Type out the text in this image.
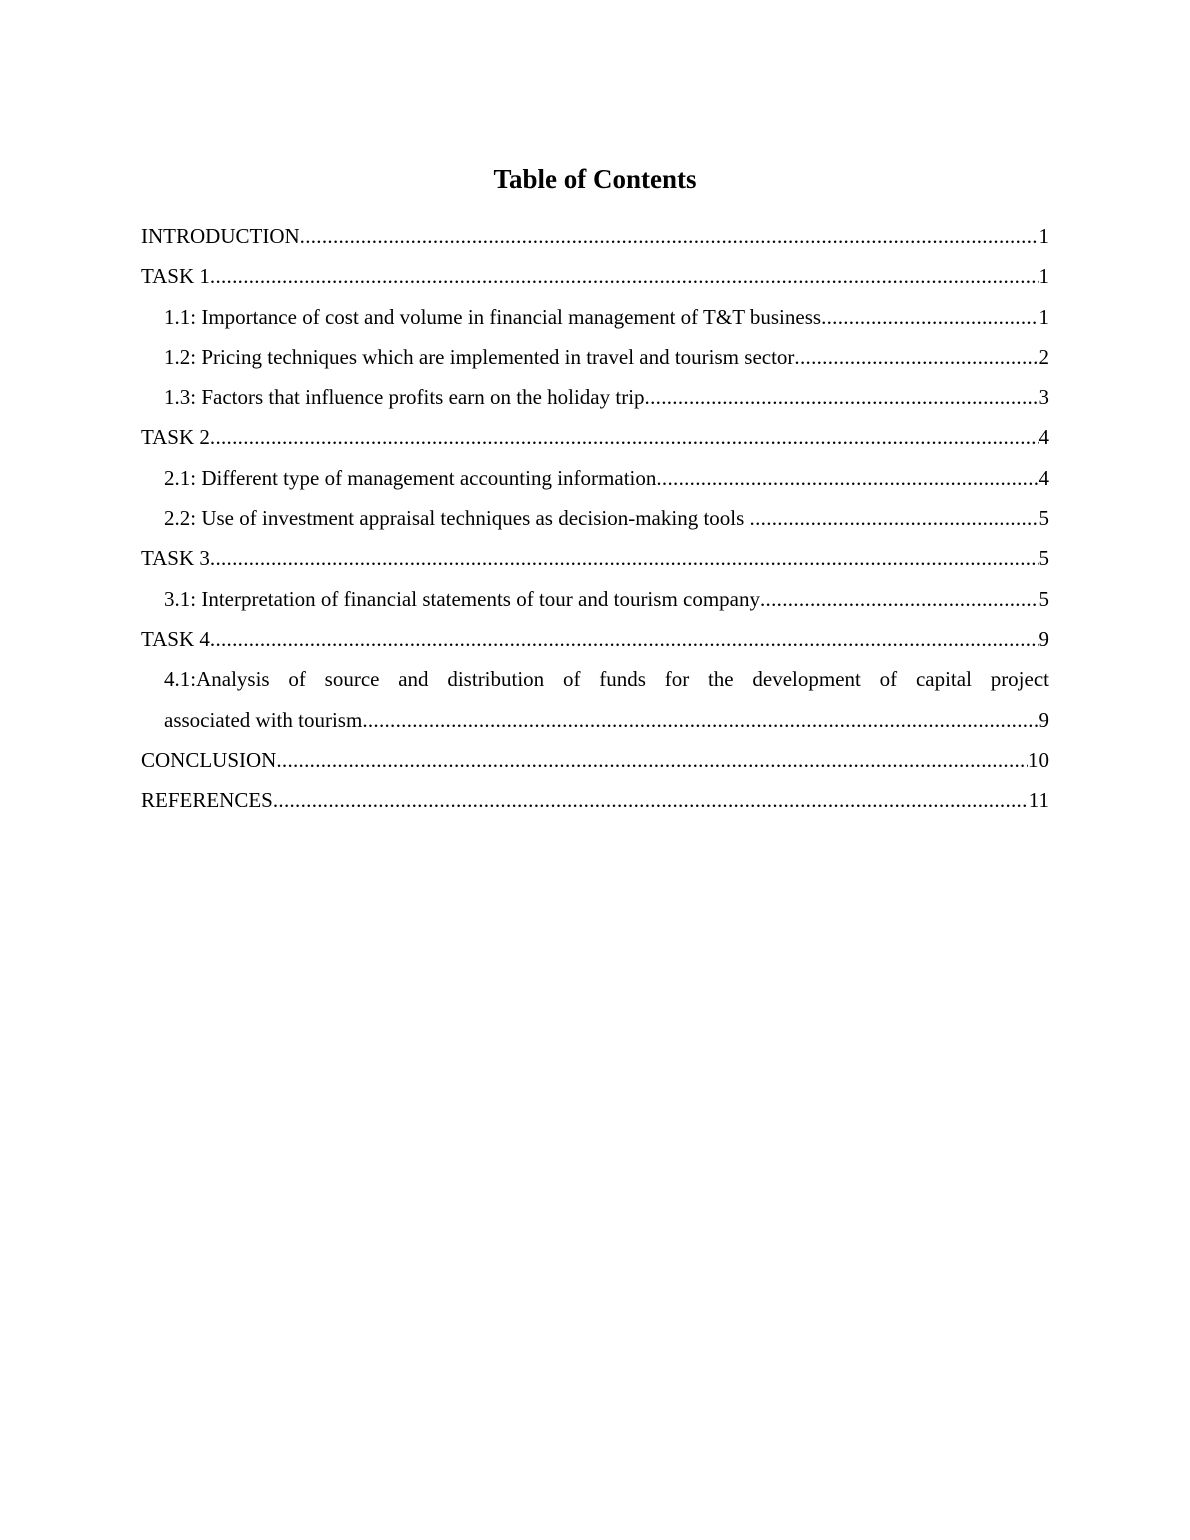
Table of Contents
INTRODUCTION .....	1
TASK 1 .....	1
1.1: Importance of cost and volume in financial management of T&T business .....	1
1.2: Pricing techniques which are implemented in travel and tourism sector .....	2
1.3: Factors that influence profits earn on the holiday trip .....	3
TASK 2 .....	4
2.1: Different type of management accounting information .....	4
2.2: Use of investment appraisal techniques as decision-making tools .....	5
TASK 3 .....	5
3.1: Interpretation of financial statements of tour and tourism company .....	5
TASK 4 .....	9
4.1:Analysis of source and distribution of funds for the development of capital project
associated with tourism .....	9
CONCLUSION .....	10
REFERENCES .....	11
